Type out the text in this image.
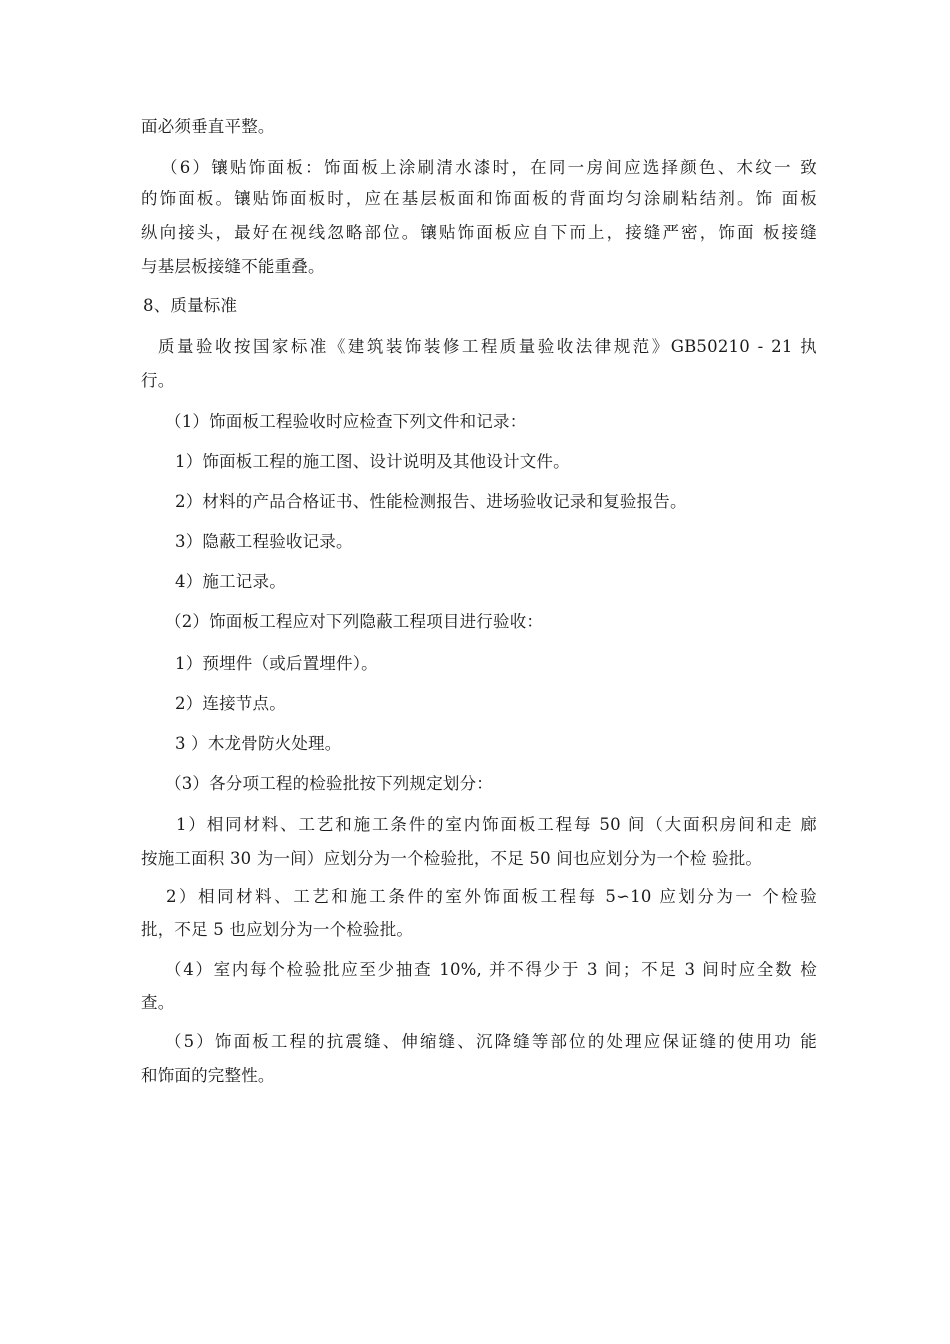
面必须垂直平整。
（6）镶贴饰面板：饰面板上涂刷清水漆时，在同一房间应选择颜色、木纹一 致
的饰面板。镶贴饰面板时，应在基层板面和饰面板的背面均匀涂刷粘结剂。饰 面板
纵向接头，最好在视线忽略部位。镶贴饰面板应自下而上，接缝严密，饰面 板接缝
与基层板接缝不能重叠。
8、质量标准
质量验收按国家标准《建筑装饰装修工程质量验收法律规范》GB50210 - 21 执
行。
（1）饰面板工程验收时应检查下列文件和记录：
1）饰面板工程的施工图、设计说明及其他设计文件。
2）材料的产品合格证书、性能检测报告、进场验收记录和复验报告。
3）隐蔽工程验收记录。
4）施工记录。
（2）饰面板工程应对下列隐蔽工程项目进行验收：
1）预埋件（或后置埋件）。
2）连接节点。
3 ）木龙骨防火处理。
（3）各分项工程的检验批按下列规定划分：
1）相同材料、工艺和施工条件的室内饰面板工程每 50 间（大面积房间和走 廊
按施工面积 30 为一间）应划分为一个检验批，不足 50 间也应划分为一个检 验批。
2）相同材料、工艺和施工条件的室外饰面板工程每 5∽10 应划分为一 个检验
批，不足 5 也应划分为一个检验批。
（4）室内每个检验批应至少抽查 10%, 并不得少于 3 间；不足 3 间时应全数 检
查。
（5）饰面板工程的抗震缝、伸缩缝、沉降缝等部位的处理应保证缝的使用功 能
和饰面的完整性。
